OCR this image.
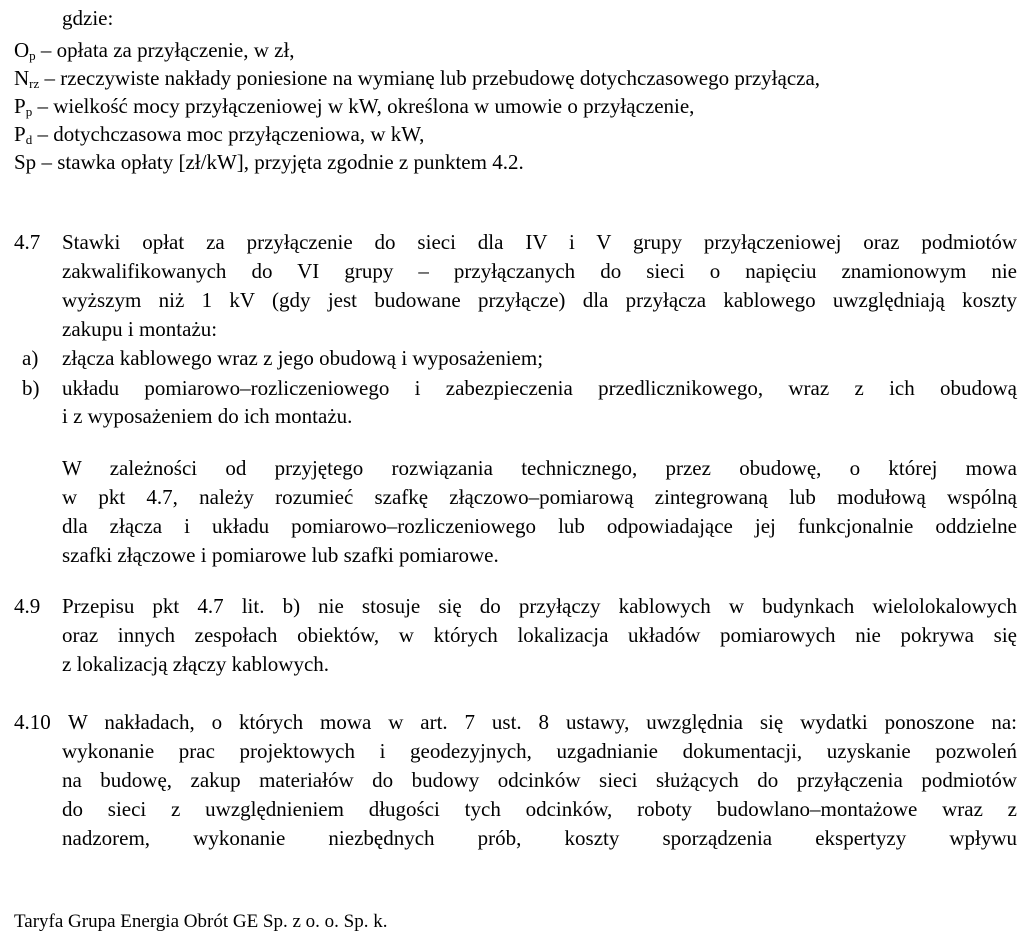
gdzie:
$O_p$ – opłata za przyłączenie, w zł,
$N_{rz}$ – rzeczywiste nakłady poniesione na wymianę lub przebudowę dotychczasowego przyłącza,
$P_p$ – wielkość mocy przyłączeniowej w kW, określona w umowie o przyłączenie,
$P_d$ – dotychczasowa moc przyłączeniowa, w kW,
Sp – stawka opłaty [zł/kW], przyjęta zgodnie z punktem 4.2.
4.7 Stawki opłat za przyłączenie do sieci dla IV i V grupy przyłączeniowej oraz podmiotów
zakwalifikowanych do VI grupy – przyłączanych do sieci o napięciu znamionowym nie
wyższym niż 1 kV (gdy jest budowane przyłącze) dla przyłącza kablowego uwzględniają koszty
zakupu i montażu:
a) złącza kablowego wraz z jego obudową i wyposażeniem;
b) układu pomiarowo–rozliczeniowego i zabezpieczenia przedlicznikowego, wraz z ich obudową
i z wyposażeniem do ich montażu.
W zależności od przyjętego rozwiązania technicznego, przez obudowę, o której mowa
w pkt 4.7, należy rozumieć szafkę złączowo–pomiarową zintegrowaną lub modułową wspólną
dla złącza i układu pomiarowo–rozliczeniowego lub odpowiadające jej funkcjonalnie oddzielne
szafki złączowe i pomiarowe lub szafki pomiarowe.
4.9 Przepisu pkt 4.7 lit. b) nie stosuje się do przyłączy kablowych w budynkach wielolokalowych
oraz innych zespołach obiektów, w których lokalizacja układów pomiarowych nie pokrywa się
z lokalizacją złączy kablowych.
4.10 W nakładach, o których mowa w art. 7 ust. 8 ustawy, uwzględnia się wydatki ponoszone na:
wykonanie prac projektowych i geodezyjnych, uzgadnianie dokumentacji, uzyskanie pozwoleń
na budowę, zakup materiałów do budowy odcinków sieci służących do przyłączenia podmiotów
do sieci z uwzględnieniem długości tych odcinków, roboty budowlano–montażowe wraz z
nadzorem, wykonanie niezbędnych prób, koszty sporządzenia ekspertyzy wpływu
Taryfa Grupa Energia Obrót GE Sp. z o. o. Sp. k.
